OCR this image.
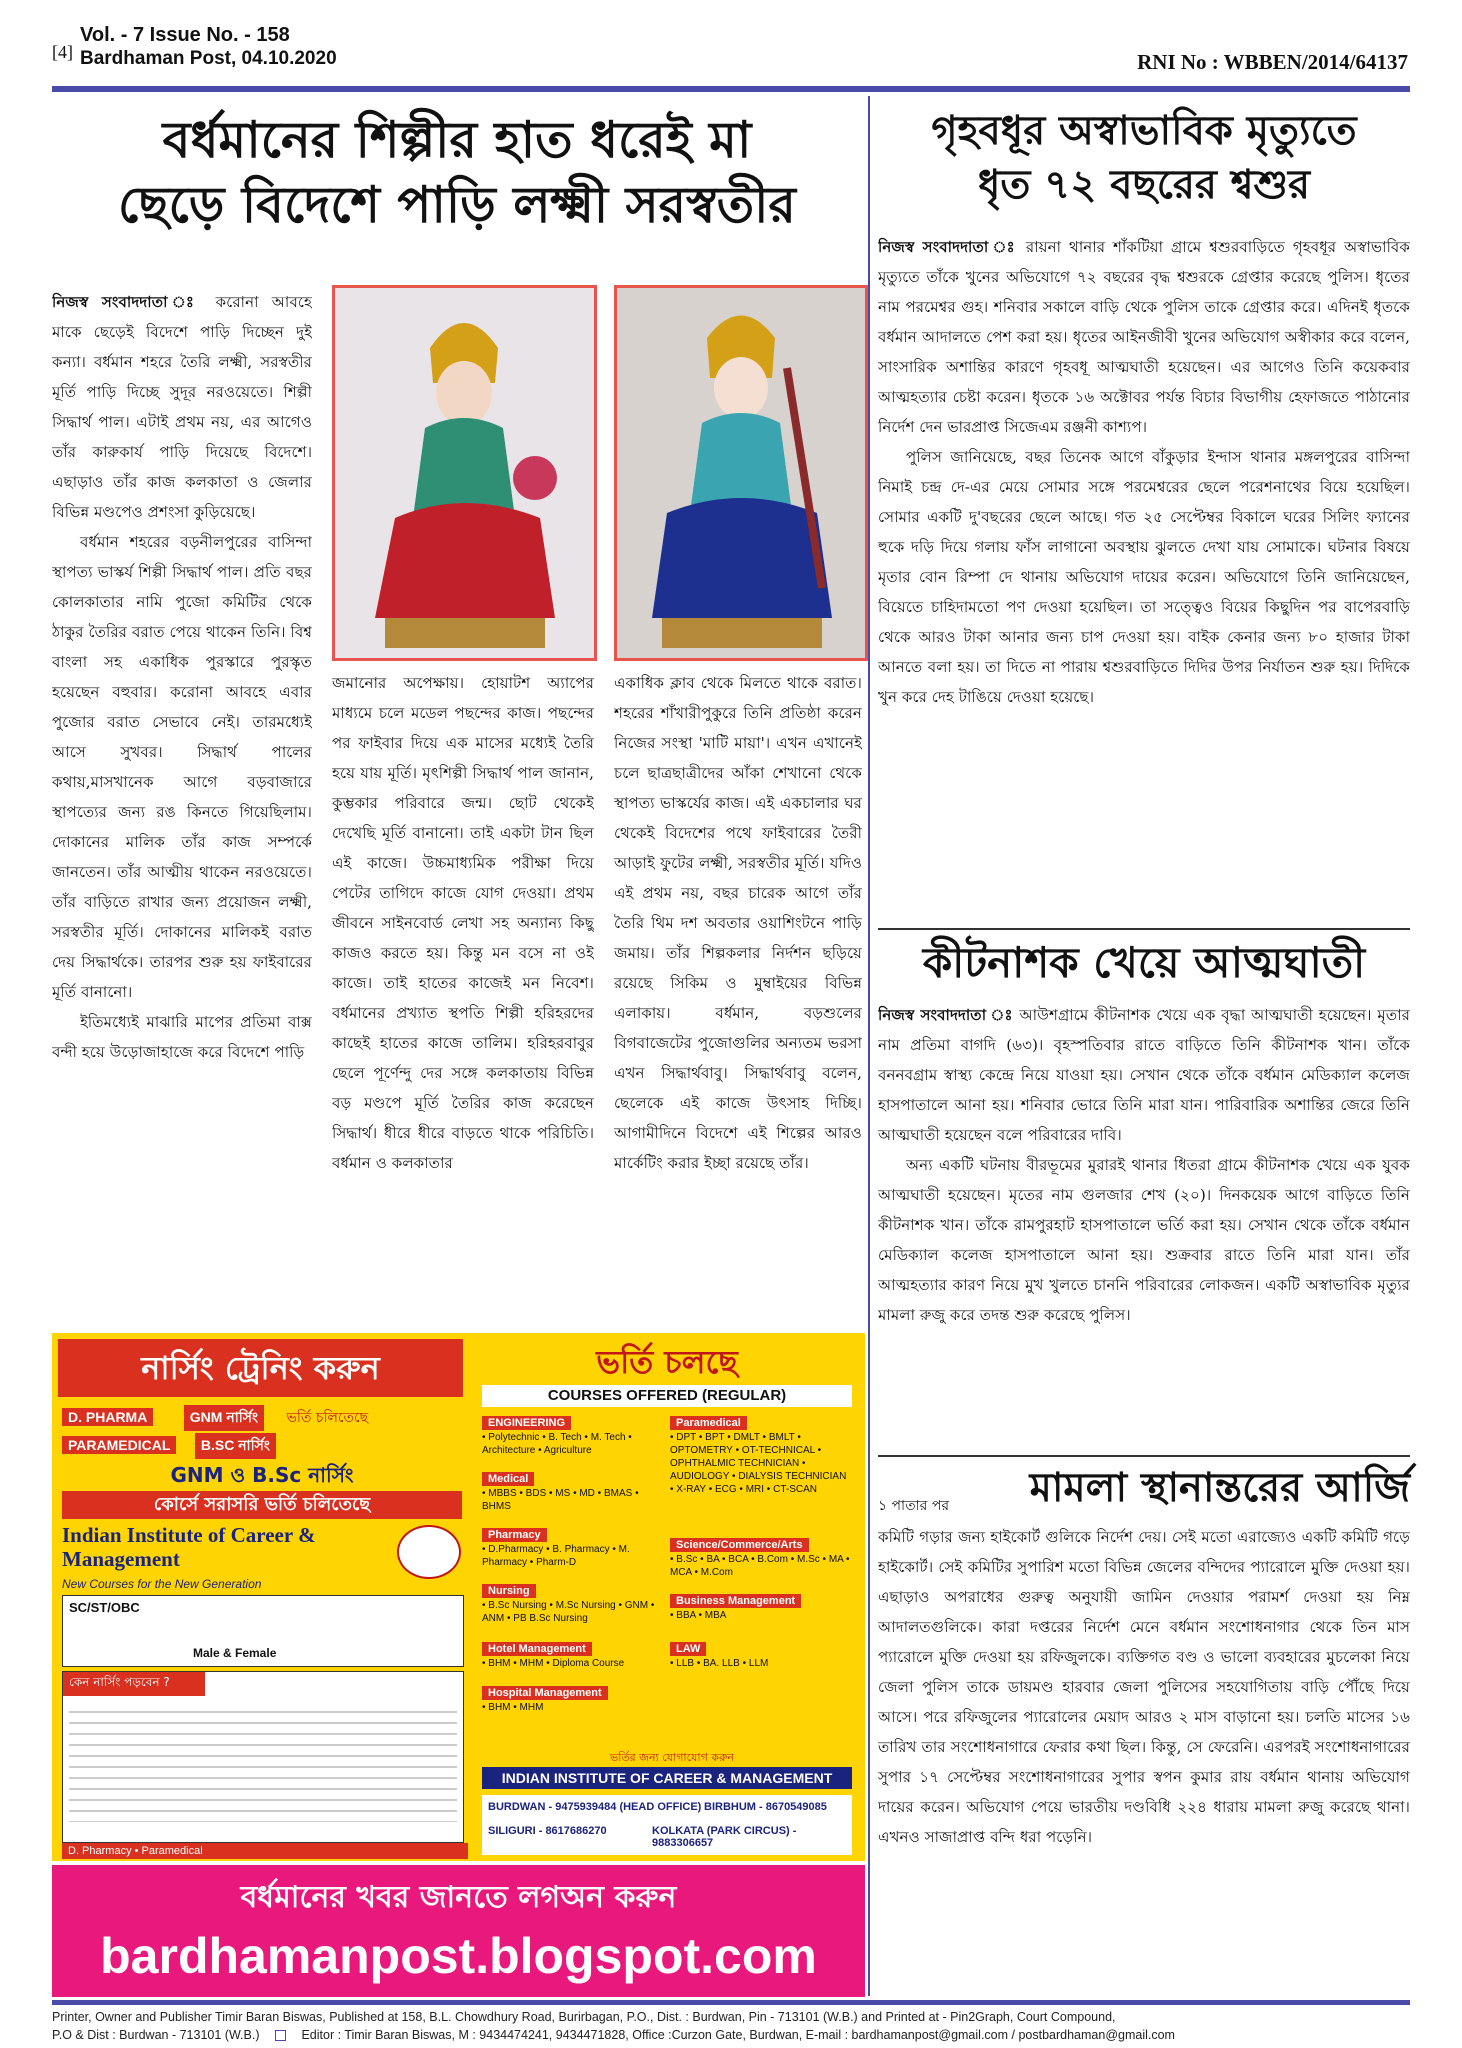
[4]
Vol. - 7 Issue No. - 158
Bardhaman Post, 04.10.2020	RNI No : WBBEN/2014/64137
বর্ধমানের শিল্পীর হাত ধরেই মা
ছেড়ে বিদেশে পাড়ি লক্ষ্মী সরস্বতীর

নিজস্ব সংবাদদাতা ঃ করোনা আবহে মাকে ছেড়েই বিদেশে পাড়ি দিচ্ছেন দুই কন্যা। বর্ধমান শহরে তৈরি লক্ষ্মী, সরস্বতীর মূর্তি পাড়ি দিচ্ছে সুদূর নরওয়েতে। শিল্পী সিদ্ধার্থ পাল। এটাই প্রথম নয়, এর আগেও তাঁর কারুকার্য পাড়ি দিয়েছে বিদেশে। এছাড়াও তাঁর কাজ কলকাতা ও জেলার বিভিন্ন মণ্ডপেও প্রশংসা কুড়িয়েছে।

বর্ধমান শহরের বড়নীলপুরের বাসিন্দা স্থাপত্য ভাস্কর্য শিল্পী সিদ্ধার্থ পাল। প্রতি বছর কোলকাতার নামি পুজো কমিটির থেকে ঠাকুর তৈরির বরাত পেয়ে থাকেন তিনি। বিশ্ব বাংলা সহ একাধিক পুরস্কারে পুরস্কৃত হয়েছেন বহুবার। করোনা আবহে এবার পুজোর বরাত সেভাবে নেই। তারমধ্যেই আসে সুখবর। সিদ্ধার্থ পালের কথায়,মাসখানেক আগে বড়বাজারে স্থাপত্যের জন্য রঙ কিনতে গিয়েছিলাম। দোকানের মালিক তাঁর কাজ সম্পর্কে জানতেন। তাঁর আত্মীয় থাকেন নরওয়েতে। তাঁর বাড়িতে রাখার জন্য প্রয়োজন লক্ষ্মী, সরস্বতীর মূর্তি। দোকানের মালিকই বরাত দেয় সিদ্ধার্থকে। তারপর শুরু হয় ফাইবারের মূর্তি বানানো।

ইতিমধ্যেই মাঝারি মাপের প্রতিমা বাক্স বন্দী হয়ে উড়োজাহাজে করে বিদেশে পাড়ি

জমানোর অপেক্ষায়। হোয়াটশ অ্যাপের মাধ্যমে চলে মডেল পছন্দের কাজ। পছন্দের পর ফাইবার দিয়ে এক মাসের মধ্যেই তৈরি হয়ে যায় মূর্তি। মৃৎশিল্পী সিদ্ধার্থ পাল জানান, কুম্ভকার পরিবারে জন্ম। ছোট থেকেই দেখেছি মূর্তি বানানো। তাই একটা টান ছিল এই কাজে। উচ্চমাধ্যমিক পরীক্ষা দিয়ে পেটের তাগিদে কাজে যোগ দেওয়া। প্রথম জীবনে সাইনবোর্ড লেখা সহ অন্যান্য কিছু কাজও করতে হয়। কিন্তু মন বসে না ওই কাজে। তাই হাতের কাজেই মন নিবেশ। বর্ধমানের প্রখ্যাত স্থপতি শিল্পী হরিহরদের কাছেই হাতের কাজে তালিম। হরিহরবাবুর ছেলে পূর্ণেন্দু দের সঙ্গে কলকাতায় বিভিন্ন বড় মণ্ডপে মূর্তি তৈরির কাজ করেছেন সিদ্ধার্থ। ধীরে ধীরে বাড়তে থাকে পরিচিতি। বর্ধমান ও কলকাতার

একাধিক ক্লাব থেকে মিলতে থাকে বরাত। শহরের শাঁখারীপুকুরে তিনি প্রতিষ্ঠা করেন নিজের সংস্থা 'মাটি মায়া'। এখন এখানেই চলে ছাত্রছাত্রীদের আঁকা শেখানো থেকে স্থাপত্য ভাস্কর্যের কাজ। এই একচালার ঘর থেকেই বিদেশের পথে ফাইবারের তৈরী আড়াই ফুটের লক্ষ্মী, সরস্বতীর মূর্তি। যদিও এই প্রথম নয়, বছর চারেক আগে তাঁর তৈরি থিম দশ অবতার ওয়াশিংটনে পাড়ি জমায়। তাঁর শিল্পকলার নির্দশন ছড়িয়ে রয়েছে সিকিম ও মুম্বাইয়ের বিভিন্ন এলাকায়। বর্ধমান, বড়শুলের বিগবাজেটের পুজোগুলির অন্যতম ভরসা এখন সিদ্ধার্থবাবু। সিদ্ধার্থবাবু বলেন, ছেলেকে এই কাজে উৎসাহ দিচ্ছি। আগামীদিনে বিদেশে এই শিল্পের আরও মার্কেটিং করার ইচ্ছা রয়েছে তাঁর।

গৃহবধূর অস্বাভাবিক মৃত্যুতে
ধৃত ৭২ বছরের শ্বশুর

নিজস্ব সংবাদদাতা ঃ রায়না থানার শাঁকটিয়া গ্রামে শ্বশুরবাড়িতে গৃহবধূর অস্বাভাবিক মৃত্যুতে তাঁকে খুনের অভিযোগে ৭২ বছরের বৃদ্ধ শ্বশুরকে গ্রেপ্তার করেছে পুলিস। ধৃতের নাম পরমেশ্বর গুহ। শনিবার সকালে বাড়ি থেকে পুলিস তাকে গ্রেপ্তার করে। এদিনই ধৃতকে বর্ধমান আদালতে পেশ করা হয়। ধৃতের আইনজীবী খুনের অভিযোগ অস্বীকার করে বলেন, সাংসারিক অশান্তির কারণে গৃহবধূ আত্মঘাতী হয়েছেন। এর আগেও তিনি কয়েকবার আত্মহত্যার চেষ্টা করেন। ধৃতকে ১৬ অক্টোবর পর্যন্ত বিচার বিভাগীয় হেফাজতে পাঠানোর নির্দেশ দেন ভারপ্রাপ্ত সিজেএম রঞ্জনী কাশ্যপ।

পুলিস জানিয়েছে, বছর তিনেক আগে বাঁকুড়ার ইন্দাস থানার মঙ্গলপুরের বাসিন্দা নিমাই চন্দ্র দে-এর মেয়ে সোমার সঙ্গে পরমেশ্বরের ছেলে পরেশনাথের বিয়ে হয়েছিল। সোমার একটি দু'বছরের ছেলে আছে। গত ২৫ সেপ্টেম্বর বিকালে ঘরের সিলিং ফ্যানের হুকে দড়ি দিয়ে গলায় ফাঁস লাগানো অবস্থায় ঝুলতে দেখা যায় সোমাকে। ঘটনার বিষয়ে মৃতার বোন রিম্পা দে থানায় অভিযোগ দায়ের করেন। অভিযোগে তিনি জানিয়েছেন, বিয়েতে চাহিদামতো পণ দেওয়া হয়েছিল। তা সত্ত্বেও বিয়ের কিছুদিন পর বাপেরবাড়ি থেকে আরও টাকা আনার জন্য চাপ দেওয়া হয়। বাইক কেনার জন্য ৮০ হাজার টাকা আনতে বলা হয়। তা দিতে না পারায় শ্বশুরবাড়িতে দিদির উপর নির্যাতন শুরু হয়। দিদিকে খুন করে দেহ টাঙিয়ে দেওয়া হয়েছে।

কীটনাশক খেয়ে আত্মঘাতী

নিজস্ব সংবাদদাতা ঃ আউশগ্রামে কীটনাশক খেয়ে এক বৃদ্ধা আত্মঘাতী হয়েছেন। মৃতার নাম প্রতিমা বাগদি (৬৩)। বৃহস্পতিবার রাতে বাড়িতে তিনি কীটনাশক খান। তাঁকে বননবগ্রাম স্বাস্থ্য কেন্দ্রে নিয়ে যাওয়া হয়। সেখান থেকে তাঁকে বর্ধমান মেডিক্যাল কলেজ হাসপাতালে আনা হয়। শনিবার ভোরে তিনি মারা যান। পারিবারিক অশান্তির জেরে তিনি আত্মঘাতী হয়েছেন বলে পরিবারের দাবি।

অন্য একটি ঘটনায় বীরভূমের মুরারই থানার ধিতরা গ্রামে কীটনাশক খেয়ে এক যুবক আত্মঘাতী হয়েছেন। মৃতের নাম গুলজার শেখ (২০)। দিনকয়েক আগে বাড়িতে তিনি কীটনাশক খান। তাঁকে রামপুরহাট হাসপাতালে ভর্তি করা হয়। সেখান থেকে তাঁকে বর্ধমান মেডিক্যাল কলেজ হাসপাতালে আনা হয়। শুক্রবার রাতে তিনি মারা যান। তাঁর আত্মহত্যার কারণ নিয়ে মুখ খুলতে চাননি পরিবারের লোকজন। একটি অস্বাভাবিক মৃত্যুর মামলা রুজু করে তদন্ত শুরু করেছে পুলিস।

১ পাতার পর	মামলা স্থানান্তরের আর্জি

কমিটি গড়ার জন্য হাইকোর্ট গুলিকে নির্দেশ দেয়। সেই মতো এরাজ্যেও একটি কমিটি গড়ে হাইকোর্ট। সেই কমিটির সুপারিশ মতো বিভিন্ন জেলের বন্দিদের প্যারোলে মুক্তি দেওয়া হয়। এছাড়াও অপরাধের গুরুত্ব অনুযায়ী জামিন দেওয়ার পরামর্শ দেওয়া হয় নিম্ন আদালতগুলিকে। কারা দপ্তরের নির্দেশ মেনে বর্ধমান সংশোধনাগার থেকে তিন মাস প্যারোলে মুক্তি দেওয়া হয় রফিজুলকে। ব্যক্তিগত বণ্ড ও ভালো ব্যবহারের মুচলেকা নিয়ে জেলা পুলিস তাকে ডায়মণ্ড হারবার জেলা পুলিসের সহযোগিতায় বাড়ি পৌঁছে দিয়ে আসে। পরে রফিজুলের প্যারোলের মেয়াদ আরও ২ মাস বাড়ানো হয়। চলতি মাসের ১৬ তারিখ তার সংশোধনাগারে ফেরার কথা ছিল। কিন্তু, সে ফেরেনি। এরপরই সংশোধনাগারের সুপার ১৭ সেপ্টেম্বর সংশোধনাগারের সুপার স্বপন কুমার রায় বর্ধমান থানায় অভিযোগ দায়ের করেন। অভিযোগ পেয়ে ভারতীয় দণ্ডবিধি ২২৪ ধারায় মামলা রুজু করেছে থানা। এখনও সাজাপ্রাপ্ত বন্দি ধরা পড়েনি।

নার্সিং ট্রেনিং করুন	ভর্তি চলছে
COURSES OFFERED (REGULAR)
D. PHARMA	GNM নার্সিং ভর্তি চলিতেছে
PARAMEDICAL B.SC নার্সিং
GNM ও B.Sc নার্সিং
কোর্সে সরাসরি ভর্তি চলিতেছে
Indian Institute of Career & Management
New Courses for the New Generation
SC/ST/OBC
Male & Female
কেন নার্সিং পড়বেন ?
D. Pharmacy • Paramedical
ENGINEERING
• Polytechnic • B. Tech • M. Tech • Architecture • Agriculture
Paramedical
• DPT • BPT • DMLT • BMLT • OPTOMETRY • OT-TECHNICAL • OPHTHALMIC TECHNICIAN • AUDIOLOGY • DIALYSIS TECHNICIAN • X-RAY • ECG • MRI • CT-SCAN
Medical
• MBBS • BDS • MS • MD • BMAS • BHMS
Pharmacy
• D.Pharmacy • B. Pharmacy • M. Pharmacy • Pharm-D
Science/Commerce/Arts
• B.Sc • BA • BCA • B.Com • M.Sc • MA • MCA • M.Com
Nursing
• B.Sc Nursing • M.Sc Nursing • GNM • ANM • PB B.Sc Nursing
Business Management
• BBA • MBA
Hotel Management
• BHM • MHM • Diploma Course
LAW
• LLB • BA. LLB • LLM
Hospital Management
• BHM • MHM
ভর্তির জন্য যোগাযোগ করুন
INDIAN INSTITUTE OF CAREER & MANAGEMENT
BURDWAN - 9475939484 (HEAD OFFICE) BIRBHUM - 8670549085
SILIGURI - 8617686270	KOLKATA (PARK CIRCUS) - 9883306657
বর্ধমানের খবর জানতে লগঅন করুন
bardhamanpost.blogspot.com
Printer, Owner and Publisher Timir Baran Biswas, Published at 158, B.L. Chowdhury Road, Burirbagan, P.O., Dist. : Burdwan, Pin - 713101 (W.B.) and Printed at - Pin2Graph, Court Compound,
P.O & Dist : Burdwan - 713101 (W.B.)	Editor : Timir Baran Biswas, M : 9434474241, 9434471828, Office :Curzon Gate, Burdwan, E-mail : bardhamanpost@gmail.com / postbardhaman@gmail.com
